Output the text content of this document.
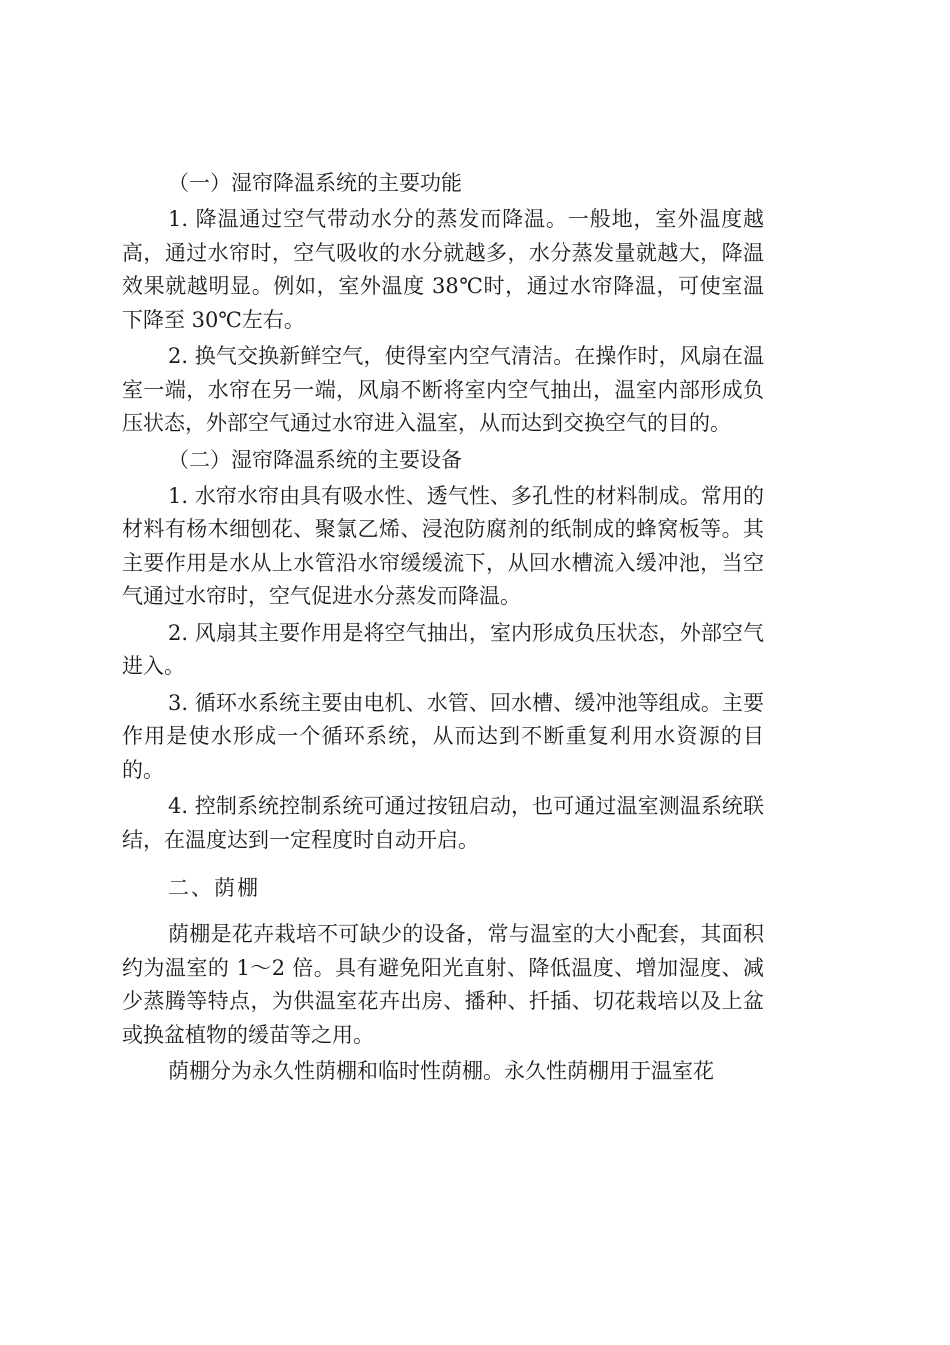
（一）湿帘降温系统的主要功能

1. 降温通过空气带动水分的蒸发而降温。一般地，室外温度越高，通过水帘时，空气吸收的水分就越多，水分蒸发量就越大，降温效果就越明显。例如，室外温度 38℃时，通过水帘降温，可使室温下降至 30℃左右。

2. 换气交换新鲜空气，使得室内空气清洁。在操作时，风扇在温室一端，水帘在另一端，风扇不断将室内空气抽出，温室内部形成负压状态，外部空气通过水帘进入温室，从而达到交换空气的目的。

（二）湿帘降温系统的主要设备

1. 水帘水帘由具有吸水性、透气性、多孔性的材料制成。常用的材料有杨木细刨花、聚氯乙烯、浸泡防腐剂的纸制成的蜂窝板等。其主要作用是水从上水管沿水帘缓缓流下，从回水槽流入缓冲池，当空气通过水帘时，空气促进水分蒸发而降温。

2. 风扇其主要作用是将空气抽出，室内形成负压状态，外部空气进入。

3. 循环水系统主要由电机、水管、回水槽、缓冲池等组成。主要作用是使水形成一个循环系统，从而达到不断重复利用水资源的目的。

4. 控制系统控制系统可通过按钮启动，也可通过温室测温系统联结，在温度达到一定程度时自动开启。

二、荫棚

荫棚是花卉栽培不可缺少的设备，常与温室的大小配套，其面积约为温室的 1～2 倍。具有避免阳光直射、降低温度、增加湿度、减少蒸腾等特点，为供温室花卉出房、播种、扦插、切花栽培以及上盆或换盆植物的缓苗等之用。

荫棚分为永久性荫棚和临时性荫棚。永久性荫棚用于温室花
